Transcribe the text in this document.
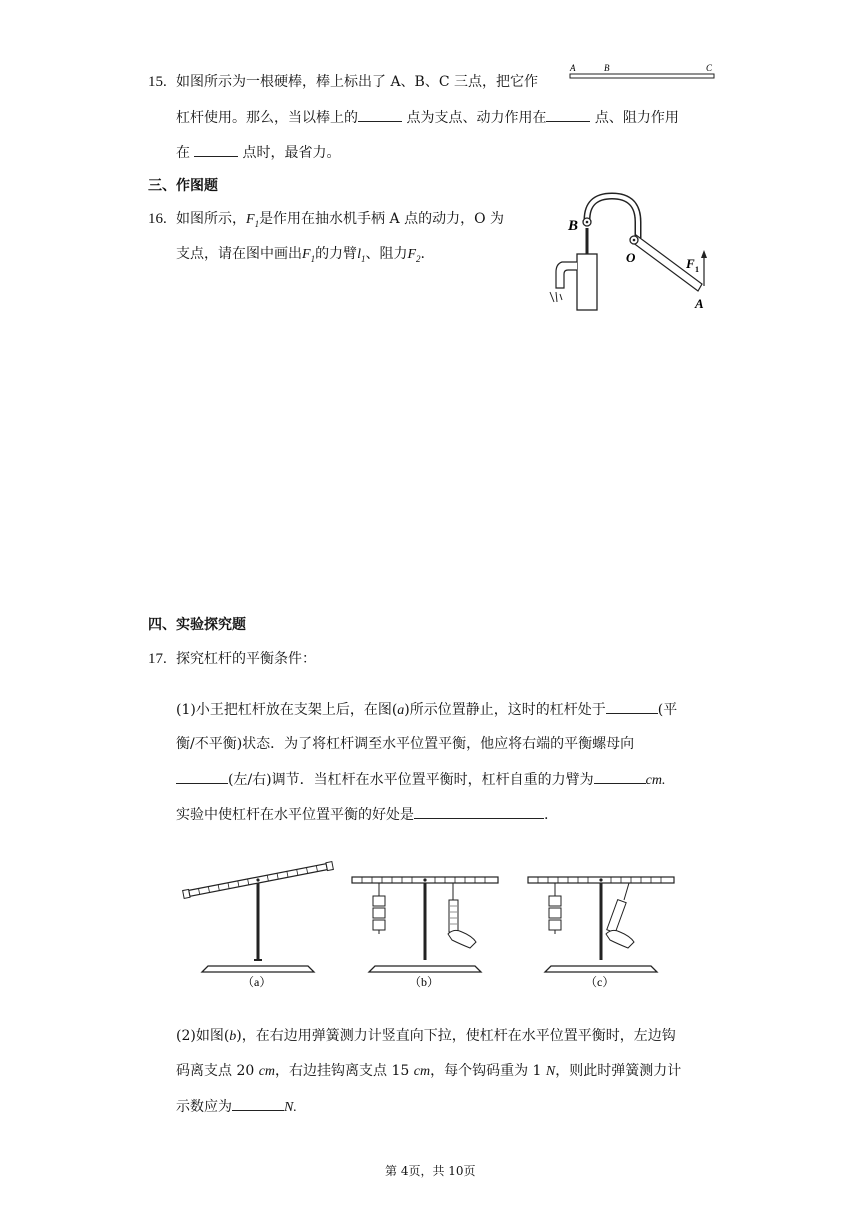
15. 如图所示为一根硬棒，棒上标出了 A、B、C 三点，把它作
杠杆使用。那么，当以棒上的	点为支点、动力作用在	点、阻力作用
在	点时，最省力。
A	B	C
三、作图题
16. 如图所示，$F_1$是作用在抽水机手柄 A 点的动力，O 为
支点，请在图中画出$F_1$的力臂$l_1$、阻力$F_2$.
B
O	F 1
A
四、实验探究题
17. 探究杠杆的平衡条件：
(1)小王把杠杆放在支架上后，在图(a)所示位置静止，这时的杠杆处于	(平
衡/不平衡)状态．为了将杠杆调至水平位置平衡，他应将右端的平衡螺母向
(左/右)调节．当杠杆在水平位置平衡时，杠杆自重的力臂为	cm.
实验中使杠杆在水平位置平衡的好处是	.
（a）	（b）	（c）
(2)如图(b)，在右边用弹簧测力计竖直向下拉，使杠杆在水平位置平衡时，左边钩
码离支点 20 cm，右边挂钩离支点 15 cm，每个钩码重为 1 N，则此时弹簧测力计
示数应为	N.
第 4页，共 10页
